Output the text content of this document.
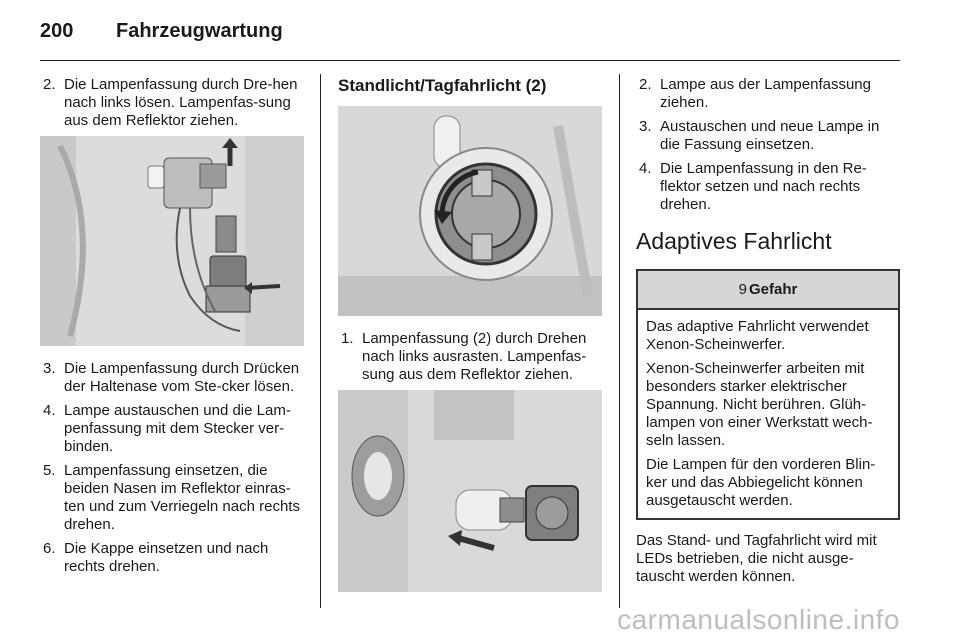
200 Fahrzeugwartung
2. Die Lampenfassung durch Dre-hen nach links lösen. Lampenfas-sung aus dem Reflektor ziehen.
3. Die Lampenfassung durch Drücken der Haltenase vom Ste-cker lösen.
4. Lampe austauschen und die Lam-penfassung mit dem Stecker ver-binden.
5. Lampenfassung einsetzen, die beiden Nasen im Reflektor einras-ten und zum Verriegeln nach rechts drehen.
6. Die Kappe einsetzen und nach rechts drehen.
Standlicht/Tagfahrlicht (2)
1. Lampenfassung (2) durch Drehen nach links ausrasten. Lampenfas-sung aus dem Reflektor ziehen.
2. Lampe aus der Lampenfassung ziehen.
3. Austauschen und neue Lampe in die Fassung einsetzen.
4. Die Lampenfassung in den Re-flektor setzen und nach rechts drehen.
Adaptives Fahrlicht
9 Gefahr

Das adaptive Fahrlicht verwendet Xenon-Scheinwerfer.

Xenon-Scheinwerfer arbeiten mit besonders starker elektrischer Spannung. Nicht berühren. Glüh-lampen von einer Werkstatt wech-seln lassen.

Die Lampen für den vorderen Blin-ker und das Abbiegelicht können ausgetauscht werden.

Das Stand- und Tagfahrlicht wird mit LEDs betrieben, die nicht ausge-tauscht werden können.

carmanualsonline.info
